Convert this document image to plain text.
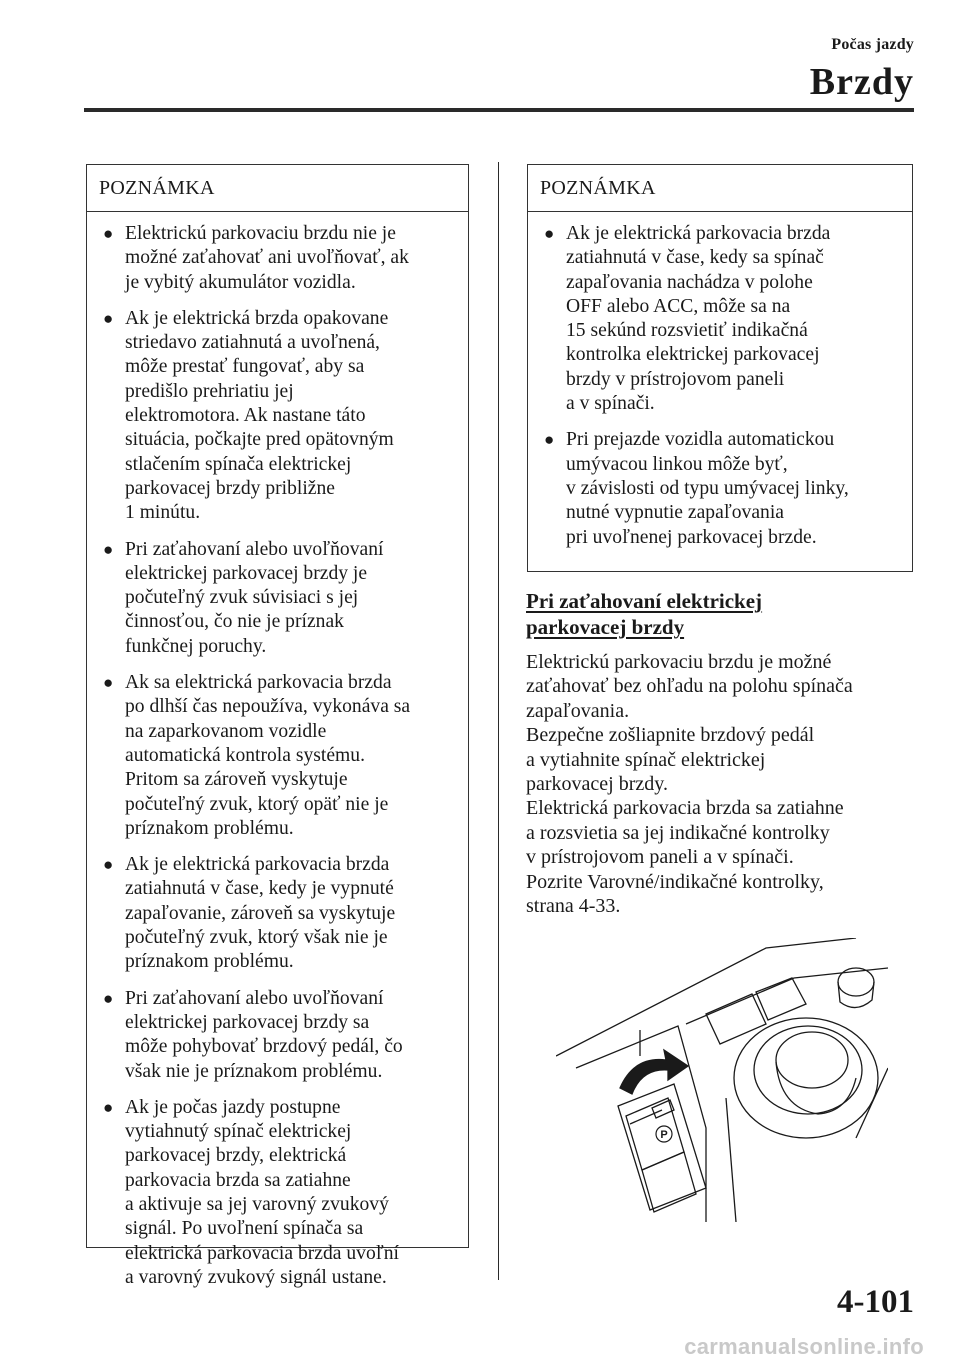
Počas jazdy
Brzdy
POZNÁMKA
● Elektrickú parkovaciu brzdu nie je
možné zaťahovať ani uvoľňovať, ak
je vybitý akumulátor vozidla.
● Ak je elektrická brzda opakovane
striedavo zatiahnutá a uvoľnená,
môže prestať fungovať, aby sa
predišlo prehriatiu jej
elektromotora. Ak nastane táto
situácia, počkajte pred opätovným
stlačením spínača elektrickej
parkovacej brzdy približne
1 minútu.
● Pri zaťahovaní alebo uvoľňovaní
elektrickej parkovacej brzdy je
počuteľný zvuk súvisiaci s jej
činnosťou, čo nie je príznak
funkčnej poruchy.
● Ak sa elektrická parkovacia brzda
po dlhší čas nepoužíva, vykonáva sa
na zaparkovanom vozidle
automatická kontrola systému.
Pritom sa zároveň vyskytuje
počuteľný zvuk, ktorý opäť nie je
príznakom problému.
● Ak je elektrická parkovacia brzda
zatiahnutá v čase, kedy je vypnuté
zapaľovanie, zároveň sa vyskytuje
počuteľný zvuk, ktorý však nie je
príznakom problému.
● Pri zaťahovaní alebo uvoľňovaní
elektrickej parkovacej brzdy sa
môže pohybovať brzdový pedál, čo
však nie je príznakom problému.
● Ak je počas jazdy postupne
vytiahnutý spínač elektrickej
parkovacej brzdy, elektrická
parkovacia brzda sa zatiahne
a aktivuje sa jej varovný zvukový
signál. Po uvoľnení spínača sa
elektrická parkovacia brzda uvoľní
a varovný zvukový signál ustane.
POZNÁMKA
● Ak je elektrická parkovacia brzda
zatiahnutá v čase, kedy sa spínač
zapaľovania nachádza v polohe
OFF alebo ACC, môže sa na
15 sekúnd rozsvietiť indikačná
kontrolka elektrickej parkovacej
brzdy v prístrojovom paneli
a v spínači.
● Pri prejazde vozidla automatickou
umývacou linkou môže byť,
v závislosti od typu umývacej linky,
nutné vypnutie zapaľovania
pri uvoľnenej parkovacej brzde.
Pri zaťahovaní elektrickej
parkovacej brzdy
Elektrickú parkovaciu brzdu je možné
zaťahovať bez ohľadu na polohu spínača
zapaľovania.
Bezpečne zošliapnite brzdový pedál
a vytiahnite spínač elektrickej
parkovacej brzdy.
Elektrická parkovacia brzda sa zatiahne
a rozsvietia sa jej indikačné kontrolky
v prístrojovom paneli a v spínači.
Pozrite Varovné/indikačné kontrolky,
strana 4-33.
P
4-101
carmanualsonline.info
